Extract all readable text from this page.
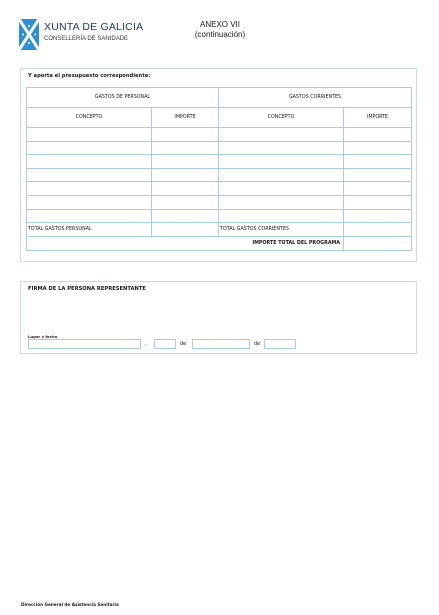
XUNTA DE GALICIA
CONSELLERÍA DE SANIDADE
ANEXO VII
(continuación)
Y aporta el presupuesto correspondiente:
GASTOS DE PERSONAL		GASTOS CORRIENTES	
CONCEPTO	IMPORTE	CONCEPTO	IMPORTE

TOTAL GASTOS PERSONAL		TOTAL GASTOS CORRIENTES	
IMPORTE TOTAL DEL PROGRAMA			
FIRMA DE LA PERSONA REPRESENTANTE
Lugar y fecha
,	de	de
Dirección General de Asistencia Sanitaria
